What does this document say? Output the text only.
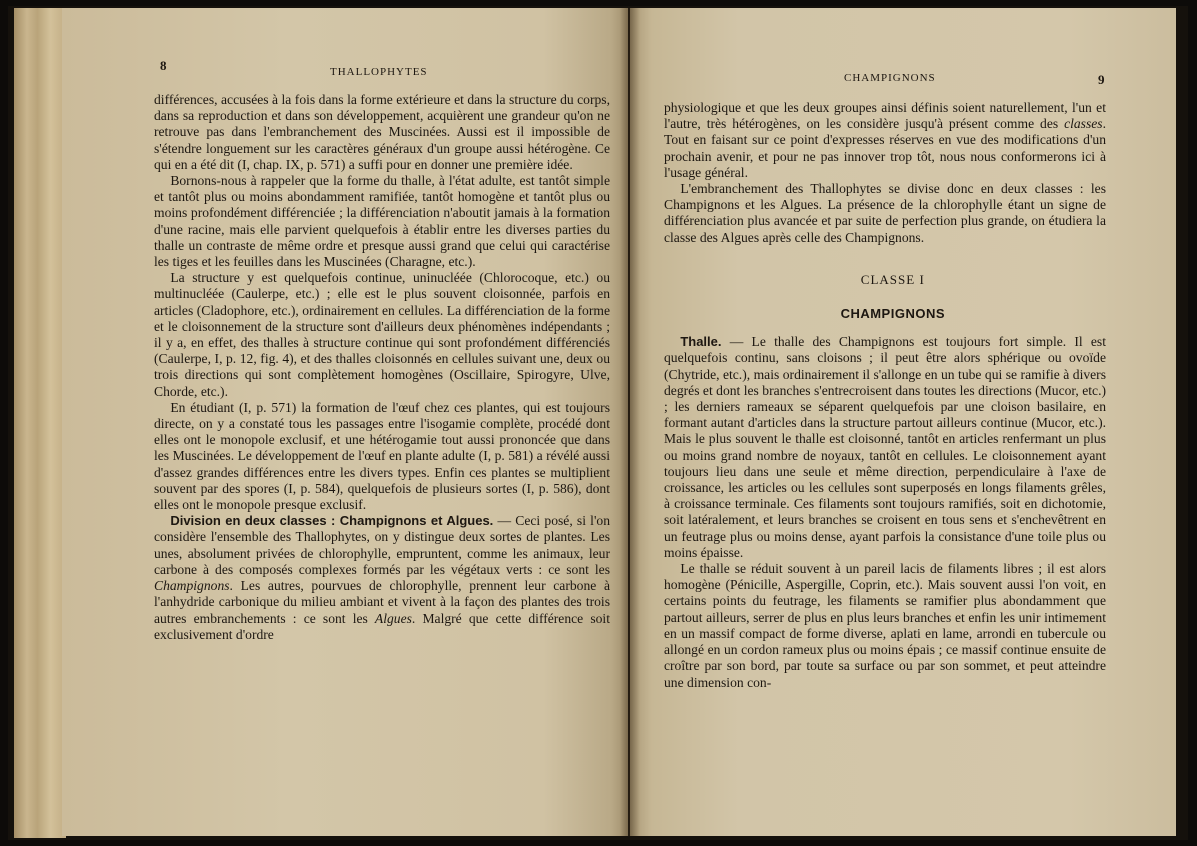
8	THALLOPHYTES

différences, accusées à la fois dans la forme extérieure et dans la structure du corps, dans sa reproduction et dans son développement, acquièrent une grandeur qu'on ne retrouve pas dans l'embranchement des Muscinées. Aussi est il impossible de s'étendre longuement sur les caractères généraux d'un groupe aussi hétérogène. Ce qui en a été dit (I, chap. IX, p. 571) a suffi pour en donner une première idée.

Bornons-nous à rappeler que la forme du thalle, à l'état adulte, est tantôt simple et tantôt plus ou moins abondamment ramifiée, tantôt homogène et tantôt plus ou moins profondément différenciée ; la différenciation n'aboutit jamais à la formation d'une racine, mais elle parvient quelquefois à établir entre les diverses parties du thalle un contraste de même ordre et presque aussi grand que celui qui caractérise les tiges et les feuilles dans les Muscinées (Charagne, etc.).

La structure y est quelquefois continue, uninucléée (Chlorocoque, etc.) ou multinucléée (Caulerpe, etc.) ; elle est le plus souvent cloisonnée, parfois en articles (Cladophore, etc.), ordinairement en cellules. La différenciation de la forme et le cloisonnement de la structure sont d'ailleurs deux phénomènes indépendants ; il y a, en effet, des thalles à structure continue qui sont profondément différenciés (Caulerpe, I, p. 12, fig. 4), et des thalles cloisonnés en cellules suivant une, deux ou trois directions qui sont complètement homogènes (Oscillaire, Spirogyre, Ulve, Chorde, etc.).

En étudiant (I, p. 571) la formation de l'œuf chez ces plantes, qui est toujours directe, on y a constaté tous les passages entre l'isogamie complète, procédé dont elles ont le monopole exclusif, et une hétérogamie tout aussi prononcée que dans les Muscinées. Le développement de l'œuf en plante adulte (I, p. 581) a révélé aussi d'assez grandes différences entre les divers types. Enfin ces plantes se multiplient souvent par des spores (I, p. 584), quelquefois de plusieurs sortes (I, p. 586), dont elles ont le monopole presque exclusif.

Division en deux classes : Champignons et Algues. — Ceci posé, si l'on considère l'ensemble des Thallophytes, on y distingue deux sortes de plantes. Les unes, absolument privées de chlorophylle, empruntent, comme les animaux, leur carbone à des composés complexes formés par les végétaux verts : ce sont les Champignons. Les autres, pourvues de chlorophylle, prennent leur carbone à l'anhydride carbonique du milieu ambiant et vivent à la façon des plantes des trois autres embranchements : ce sont les Algues. Malgré que cette différence soit exclusivement d'ordre

CHAMPIGNONS	9

physiologique et que les deux groupes ainsi définis soient naturellement, l'un et l'autre, très hétérogènes, on les considère jusqu'à présent comme des classes. Tout en faisant sur ce point d'expresses réserves en vue des modifications d'un prochain avenir, et pour ne pas innover trop tôt, nous nous conformerons ici à l'usage général.

L'embranchement des Thallophytes se divise donc en deux classes : les Champignons et les Algues. La présence de la chlorophylle étant un signe de différenciation plus avancée et par suite de perfection plus grande, on étudiera la classe des Algues après celle des Champignons.

CLASSE I

CHAMPIGNONS

Thalle. — Le thalle des Champignons est toujours fort simple. Il est quelquefois continu, sans cloisons ; il peut être alors sphérique ou ovoïde (Chytride, etc.), mais ordinairement il s'allonge en un tube qui se ramifie à divers degrés et dont les branches s'entrecroisent dans toutes les directions (Mucor, etc.) ; les derniers rameaux se séparent quelquefois par une cloison basilaire, en formant autant d'articles dans la structure partout ailleurs continue (Mucor, etc.). Mais le plus souvent le thalle est cloisonné, tantôt en articles renfermant un plus ou moins grand nombre de noyaux, tantôt en cellules. Le cloisonnement ayant toujours lieu dans une seule et même direction, perpendiculaire à l'axe de croissance, les articles ou les cellules sont superposés en longs filaments grêles, à croissance terminale. Ces filaments sont toujours ramifiés, soit en dichotomie, soit latéralement, et leurs branches se croisent en tous sens et s'enchevêtrent en un feutrage plus ou moins dense, ayant parfois la consistance d'une toile plus ou moins épaisse.

Le thalle se réduit souvent à un pareil lacis de filaments libres ; il est alors homogène (Pénicille, Aspergille, Coprin, etc.). Mais souvent aussi l'on voit, en certains points du feutrage, les filaments se ramifier plus abondamment que partout ailleurs, serrer de plus en plus leurs branches et enfin les unir intimement en un massif compact de forme diverse, aplati en lame, arrondi en tubercule ou allongé en un cordon rameux plus ou moins épais ; ce massif continue ensuite de croître par son bord, par toute sa surface ou par son sommet, et peut atteindre une dimension con-
